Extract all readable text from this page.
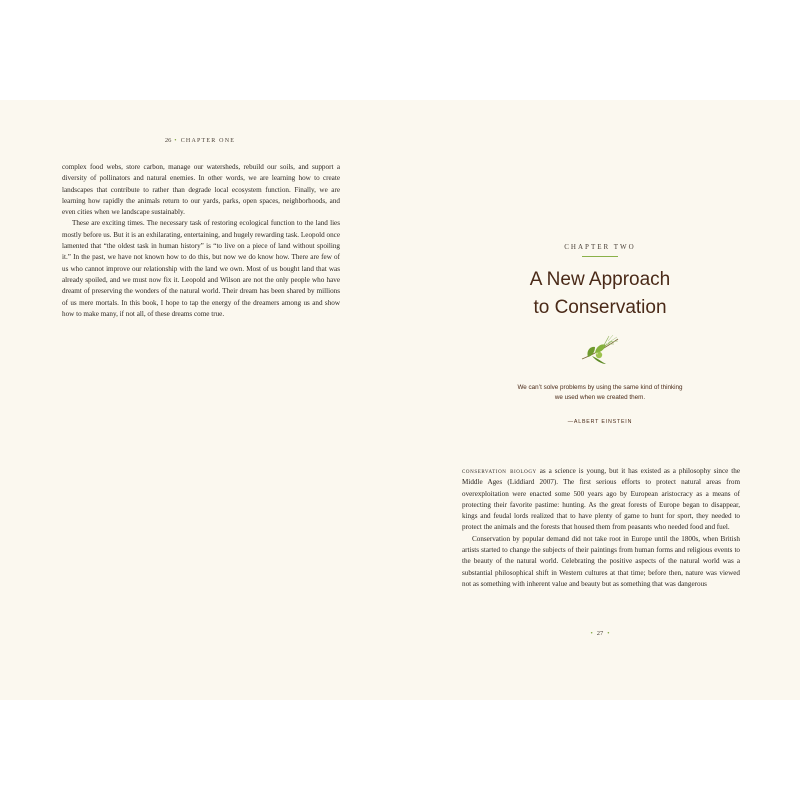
26 • CHAPTER ONE

complex food webs, store carbon, manage our watersheds, rebuild our soils, and support a diversity of pollinators and natural enemies. In other words, we are learning how to create landscapes that contribute to rather than degrade local ecosystem function. Finally, we are learning how rapidly the animals return to our yards, parks, open spaces, neighborhoods, and even cities when we landscape sustainably.

These are exciting times. The necessary task of restoring ecological function to the land lies mostly before us. But it is an exhilarating, entertaining, and hugely rewarding task. Leopold once lamented that “the oldest task in human history” is “to live on a piece of land without spoiling it.” In the past, we have not known how to do this, but now we do know how. There are few of us who cannot improve our relationship with the land we own. Most of us bought land that was already spoiled, and we must now fix it. Leopold and Wilson are not the only people who have dreamt of preserving the wonders of the natural world. Their dream has been shared by millions of us mere mortals. In this book, I hope to tap the energy of the dreamers among us and show how to make many, if not all, of these dreams come true.

CHAPTER TWO
A New Approach
to Conservation
We can’t solve problems by using the same kind of thinking
we used when we created them.
—ALBERT EINSTEIN

conservation biology as a science is young, but it has existed as a philosophy since the Middle Ages (Liddiard 2007). The first serious efforts to protect natural areas from overexploitation were enacted some 500 years ago by European aristocracy as a means of protecting their favorite pastime: hunting. As the great forests of Europe began to disappear, kings and feudal lords realized that to have plenty of game to hunt for sport, they needed to protect the animals and the forests that housed them from peasants who needed food and fuel.

Conservation by popular demand did not take root in Europe until the 1800s, when British artists started to change the subjects of their paintings from human forms and religious events to the beauty of the natural world. Celebrating the positive aspects of the natural world was a substantial philosophical shift in Western cultures at that time; before then, nature was viewed not as something with inherent value and beauty but as something that was dangerous

• 27 •
